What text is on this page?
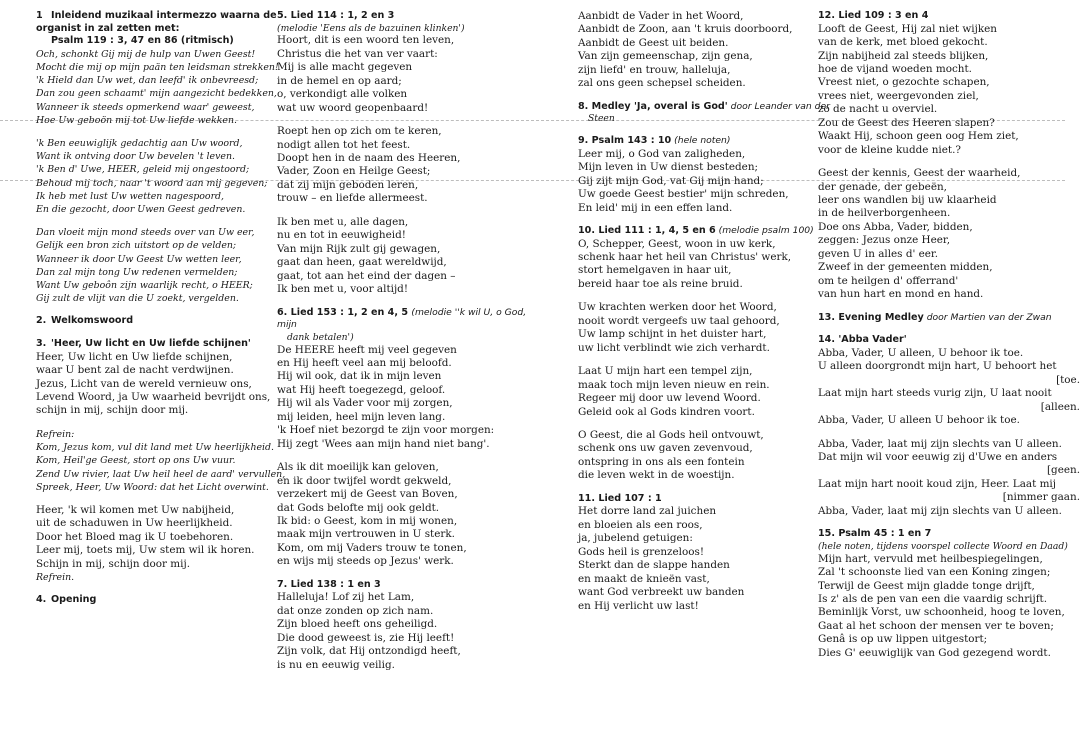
1 Inleidend muzikaal intermezzo waarna de organist in zal zetten met:
Psalm 119 : 3, 47 en 86 (ritmisch)
Och, schonkt Gij mij de hulp van Uwen Geest!
Mocht die mij op mijn paän ten leidsman strekken!
'k Hield dan Uw wet, dan leefd' ik onbevreesd;
Dan zou geen schaamt' mijn aangezicht bedekken,
Wanneer ik steeds opmerkend waar' geweest,
Hoe Uw geboön mij tot Uw liefde wekken.
'k Ben eeuwiglijk gedachtig aan Uw woord,
Want ik ontving door Uw bevelen 't leven.
'k Ben d' Uwe, HEER, geleid mij ongestoord;
Behoud mij toch, naar 't woord aan mij gegeven;
Ik heb met lust Uw wetten nagespoord,
En die gezocht, door Uwen Geest gedreven.
Dan vloeit mijn mond steeds over van Uw eer,
Gelijk een bron zich uitstort op de velden;
Wanneer ik door Uw Geest Uw wetten leer,
Dan zal mijn tong Uw redenen vermelden;
Want Uw geboôn zijn waarlijk recht, o HEER;
Gij zult de vlijt van die U zoekt, vergelden.
2. Welkomswoord
3. 'Heer, Uw licht en Uw liefde schijnen'
Heer, Uw licht en Uw liefde schijnen,
waar U bent zal de nacht verdwijnen.
Jezus, Licht van de wereld vernieuw ons,
Levend Woord, ja Uw waarheid bevrijdt ons,
schijn in mij, schijn door mij.
Refrein:
Kom, Jezus kom, vul dit land met Uw heerlijkheid.
Kom, Heil'ge Geest, stort op ons Uw vuur.
Zend Uw rivier, laat Uw heil heel de aard' vervullen,
Spreek, Heer, Uw Woord: dat het Licht overwint.
Heer, 'k wil komen met Uw nabijheid,
uit de schaduwen in Uw heerlijkheid.
Door het Bloed mag ik U toebehoren.
Leer mij, toets mij, Uw stem wil ik horen.
Schijn in mij, schijn door mij.
Refrein.
4. Opening
5. Lied 114 : 1, 2 en 3
(melodie 'Eens als de bazuinen klinken')
Hoort, dit is een woord ten leven,
Christus die het van ver vaart:
Mij is alle macht gegeven
in de hemel en op aard;
o, verkondigt alle volken
wat uw woord geopenbaard!
Roept hen op zich om te keren,
nodigt allen tot het feest.
Doopt hen in de naam des Heeren,
Vader, Zoon en Heilge Geest;
dat zij mijn geboden leren,
trouw – en liefde allermeest.
Ik ben met u, alle dagen,
nu en tot in eeuwigheid!
Van mijn Rijk zult gij gewagen,
gaat dan heen, gaat wereldwijd,
gaat, tot aan het eind der dagen –
Ik ben met u, voor altijd!
6. Lied 153 : 1, 2 en 4, 5 (melodie ''k wil U, o God, mijn
dank betalen')
De HEERE heeft mij veel gegeven
en Hij heeft veel aan mij beloofd.
Hij wil ook, dat ik in mijn leven
wat Hij heeft toegezegd, geloof.
Hij wil als Vader voor mij zorgen,
mij leiden, heel mijn leven lang.
'k Hoef niet bezorgd te zijn voor morgen:
Hij zegt 'Wees aan mijn hand niet bang'.
Als ik dit moeilijk kan geloven,
en ik door twijfel wordt gekweld,
verzekert mij de Geest van Boven,
dat Gods belofte mij ook geldt.
Ik bid: o Geest, kom in mij wonen,
maak mijn vertrouwen in U sterk.
Kom, om mij Vaders trouw te tonen,
en wijs mij steeds op Jezus' werk.
7. Lied 138 : 1 en 3
Halleluja! Lof zij het Lam,
dat onze zonden op zich nam.
Zijn bloed heeft ons geheiligd.
Die dood geweest is, zie Hij leeft!
Zijn volk, dat Hij ontzondigd heeft,
is nu en eeuwig veilig.
Aanbidt de Vader in het Woord,
Aanbidt de Zoon, aan 't kruis doorboord,
Aanbidt de Geest uit beiden.
Van zijn gemeenschap, zijn gena,
zijn liefd' en trouw, halleluja,
zal ons geen schepsel scheiden.
8. Medley 'Ja, overal is God' door Leander van der
Steen
9. Psalm 143 : 10 (hele noten)
Leer mij, o God van zaligheden,
Mijn leven in Uw dienst besteden;
Gij zijt mijn God, vat Gij mijn hand;
Uw goede Geest bestier' mijn schreden,
En leid' mij in een effen land.
10. Lied 111 : 1, 4, 5 en 6 (melodie psalm 100)
O, Schepper, Geest, woon in uw kerk,
schenk haar het heil van Christus' werk,
stort hemelgaven in haar uit,
bereid haar toe als reine bruid.
Uw krachten werken door het Woord,
nooit wordt vergeefs uw taal gehoord,
Uw lamp schijnt in het duister hart,
uw licht verblindt wie zich verhardt.
Laat U mijn hart een tempel zijn,
maak toch mijn leven nieuw en rein.
Regeer mij door uw levend Woord.
Geleid ook al Gods kindren voort.
O Geest, die al Gods heil ontvouwt,
schenk ons uw gaven zevenvoud,
ontspring in ons als een fontein
die leven wekt in de woestijn.
11. Lied 107 : 1
Het dorre land zal juichen
en bloeien als een roos,
ja, jubelend getuigen:
Gods heil is grenzeloos!
Sterkt dan de slappe handen
en maakt de knieën vast,
want God verbreekt uw banden
en Hij verlicht uw last!
12. Lied 109 : 3 en 4
Looft de Geest, Hij zal niet wijken
van de kerk, met bloed gekocht.
Zijn nabijheid zal steeds blijken,
hoe de vijand woeden mocht.
Vreest niet, o gezochte schapen,
vrees niet, weergevonden ziel,
zo de nacht u overviel.
Zou de Geest des Heeren slapen?
Waakt Hij, schoon geen oog Hem ziet,
voor de kleine kudde niet.?
Geest der kennis, Geest der waarheid,
der genade, der gebeën,
leer ons wandlen bij uw klaarheid
in de heilverborgenheen.
Doe ons Abba, Vader, bidden,
zeggen: Jezus onze Heer,
geven U in alles d' eer.
Zweef in der gemeenten midden,
om te heilgen d' offerrand'
van hun hart en mond en hand.
13. Evening Medley door Martien van der Zwan
14. 'Abba Vader'
Abba, Vader, U alleen, U behoor ik toe.
U alleen doorgrondt mijn hart, U behoort het
[toe.
Laat mijn hart steeds vurig zijn, U laat nooit
[alleen.
Abba, Vader, U alleen U behoor ik toe.
Abba, Vader, laat mij zijn slechts van U alleen.
Dat mijn wil voor eeuwig zij d'Uwe en anders
[geen.
Laat mijn hart nooit koud zijn, Heer. Laat mij
[nimmer gaan.
Abba, Vader, laat mij zijn slechts van U alleen.
15. Psalm 45 : 1 en 7
(hele noten, tijdens voorspel collecte Woord en Daad)
Mijn hart, vervuld met heilbespiegelingen,
Zal 't schoonste lied van een Koning zingen;
Terwijl de Geest mijn gladde tonge drijft,
Is z' als de pen van een die vaardig schrijft.
Beminlijk Vorst, uw schoonheid, hoog te loven,
Gaat al het schoon der mensen ver te boven;
Genâ is op uw lippen uitgestort;
Dies G' eeuwiglijk van God gezegend wordt.
